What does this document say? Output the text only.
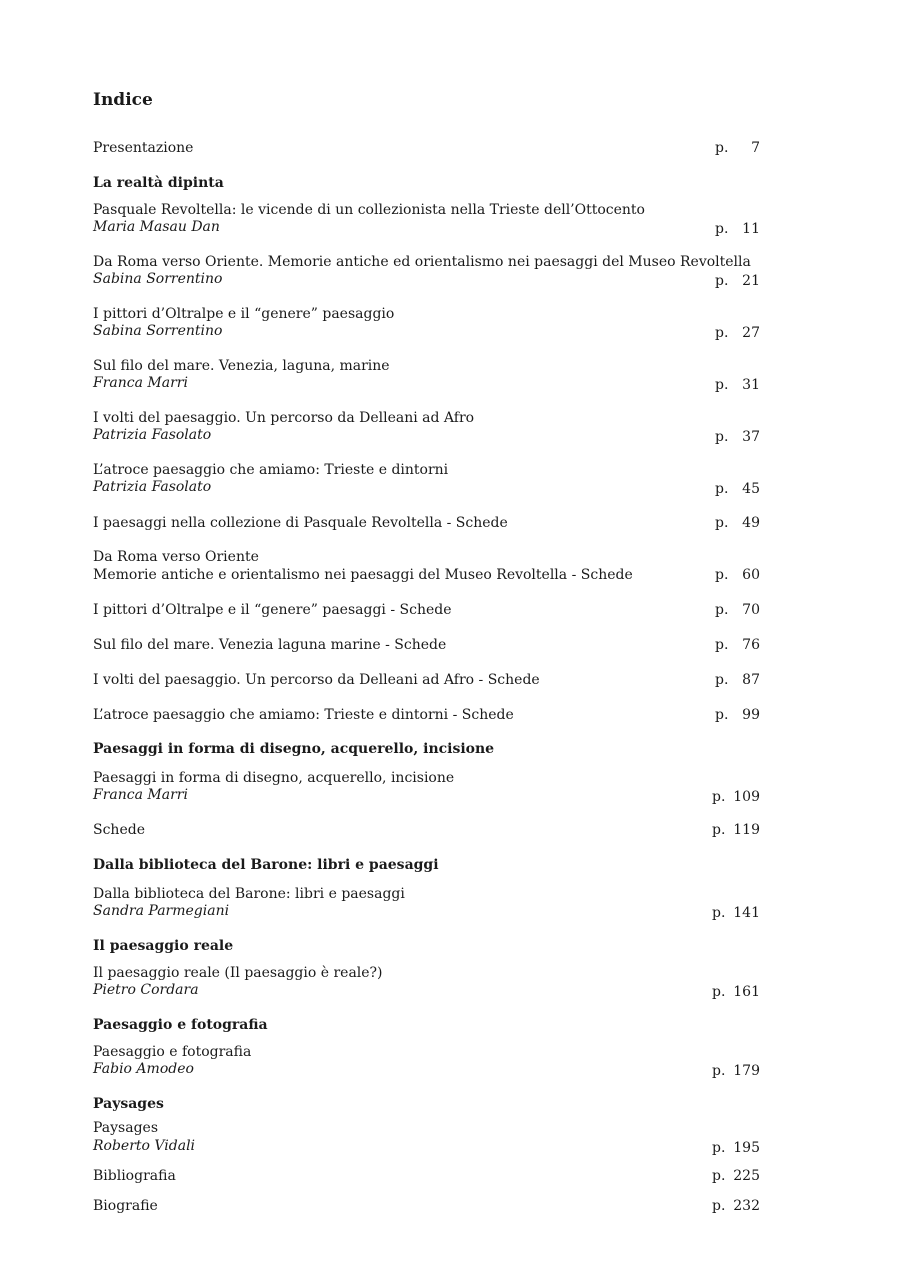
Indice
Presentazione	p.	7
La realtà dipinta
Pasquale Revoltella: le vicende di un collezionista nella Trieste dell’Ottocento
Maria Masau Dan	p. 11
Da Roma verso Oriente. Memorie antiche ed orientalismo nei paesaggi del Museo Revoltella
Sabina Sorrentino	p. 21
I pittori d’Oltralpe e il “genere” paesaggio
Sabina Sorrentino	p. 27
Sul filo del mare. Venezia, laguna, marine
Franca Marri	p. 31
I volti del paesaggio. Un percorso da Delleani ad Afro
Patrizia Fasolato	p. 37
L’atroce paesaggio che amiamo: Trieste e dintorni
Patrizia Fasolato	p. 45
I paesaggi nella collezione di Pasquale Revoltella - Schede	p. 49
Da Roma verso Oriente
Memorie antiche e orientalismo nei paesaggi del Museo Revoltella - Schede	p. 60
I pittori d’Oltralpe e il “genere” paesaggi - Schede	p. 70
Sul filo del mare. Venezia laguna marine - Schede	p. 76
I volti del paesaggio. Un percorso da Delleani ad Afro - Schede	p. 87
L’atroce paesaggio che amiamo: Trieste e dintorni - Schede	p. 99
Paesaggi in forma di disegno, acquerello, incisione
Paesaggi in forma di disegno, acquerello, incisione
Franca Marri	p. 109
Schede	p. 119
Dalla biblioteca del Barone: libri e paesaggi
Dalla biblioteca del Barone: libri e paesaggi
Sandra Parmegiani	p. 141
Il paesaggio reale
Il paesaggio reale (Il paesaggio è reale?)
Pietro Cordara	p. 161
Paesaggio e fotografia
Paesaggio e fotografia
Fabio Amodeo	p. 179
Paysages
Paysages
Roberto Vidali	p. 195
Bibliografia	p. 225
Biografie	p. 232
